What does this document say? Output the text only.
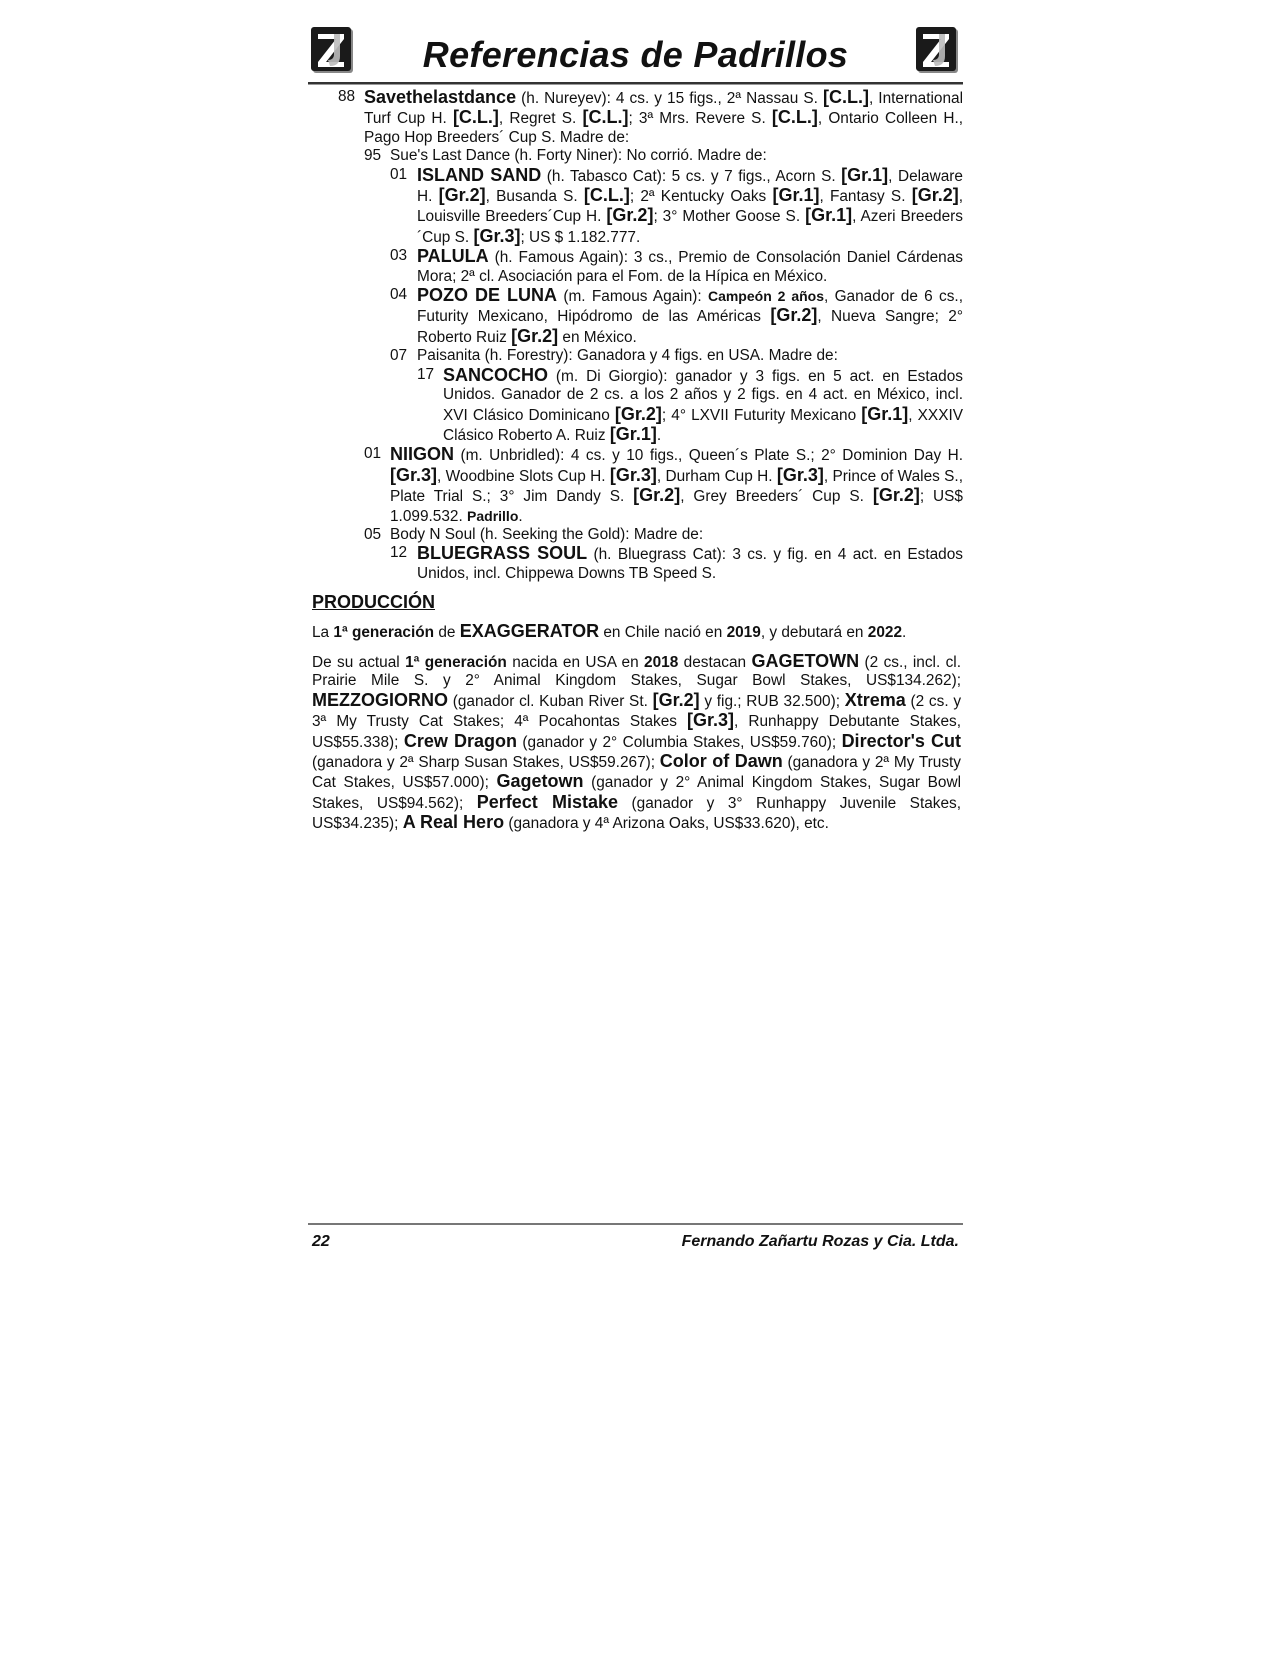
Referencias de Padrillos
88 Savethelastdance (h. Nureyev): 4 cs. y 15 figs., 2ª Nassau S. [C.L.], International Turf Cup H. [C.L.], Regret S. [C.L.]; 3ª Mrs. Revere S. [C.L.], Ontario Colleen H., Pago Hop Breeders´ Cup S. Madre de:
95 Sue's Last Dance (h. Forty Niner): No corrió. Madre de:
01 ISLAND SAND (h. Tabasco Cat): 5 cs. y 7 figs., Acorn S. [Gr.1], Delaware H. [Gr.2], Busanda S. [C.L.]; 2ª Kentucky Oaks [Gr.1], Fantasy S. [Gr.2], Louisville Breeders´Cup H. [Gr.2]; 3° Mother Goose S. [Gr.1], Azeri Breeders´Cup S. [Gr.3]; US $ 1.182.777.
03 PALULA (h. Famous Again): 3 cs., Premio de Consolación Daniel Cárdenas Mora; 2ª cl. Asociación para el Fom. de la Hípica en México.
04 POZO DE LUNA (m. Famous Again): Campeón 2 años, Ganador de 6 cs., Futurity Mexicano, Hipódromo de las Américas [Gr.2], Nueva Sangre; 2° Roberto Ruiz [Gr.2] en México.
07 Paisanita (h. Forestry): Ganadora y 4 figs. en USA. Madre de:
17 SANCOCHO (m. Di Giorgio): ganador y 3 figs. en 5 act. en Estados Unidos. Ganador de 2 cs. a los 2 años y 2 figs. en 4 act. en México, incl. XVI Clásico Dominicano [Gr.2]; 4° LXVII Futurity Mexicano [Gr.1], XXXIV Clásico Roberto A. Ruiz [Gr.1].
01 NIIGON (m. Unbridled): 4 cs. y 10 figs., Queen´s Plate S.; 2° Dominion Day H. [Gr.3], Woodbine Slots Cup H. [Gr.3], Durham Cup H. [Gr.3], Prince of Wales S., Plate Trial S.; 3° Jim Dandy S. [Gr.2], Grey Breeders´ Cup S. [Gr.2]; US$ 1.099.532. Padrillo.
05 Body N Soul (h. Seeking the Gold): Madre de:
12 BLUEGRASS SOUL (h. Bluegrass Cat): 3 cs. y fig. en 4 act. en Estados Unidos, incl. Chippewa Downs TB Speed S.
PRODUCCIÓN
La 1ª generación de EXAGGERATOR en Chile nació en 2019, y debutará en 2022.
De su actual 1ª generación nacida en USA en 2018 destacan GAGETOWN (2 cs., incl. cl. Prairie Mile S. y 2° Animal Kingdom Stakes, Sugar Bowl Stakes, US$134.262); MEZZOGIORNO (ganador cl. Kuban River St. [Gr.2] y fig.; RUB 32.500); Xtrema (2 cs. y 3ª My Trusty Cat Stakes; 4ª Pocahontas Stakes [Gr.3], Runhappy Debutante Stakes, US$55.338); Crew Dragon (ganador y 2° Columbia Stakes, US$59.760); Director's Cut (ganadora y 2ª Sharp Susan Stakes, US$59.267); Color of Dawn (ganadora y 2ª My Trusty Cat Stakes, US$57.000); Gagetown (ganador y 2° Animal Kingdom Stakes, Sugar Bowl Stakes, US$94.562); Perfect Mistake (ganador y 3° Runhappy Juvenile Stakes, US$34.235); A Real Hero (ganadora y 4ª Arizona Oaks, US$33.620), etc.
22	Fernando Zañartu Rozas y Cia. Ltda.
